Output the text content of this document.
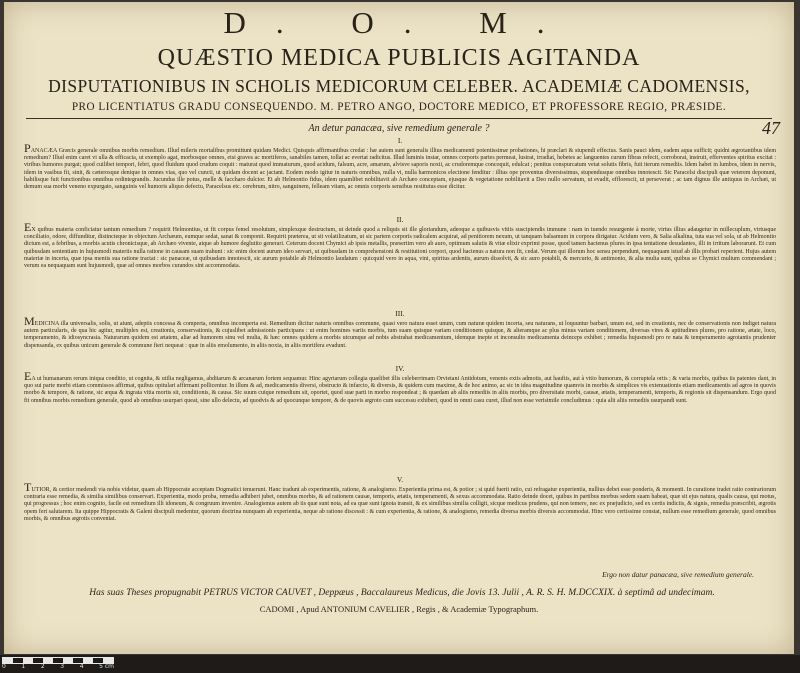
D. O. M.
QUÆSTIO MEDICA PUBLICIS AGITANDA
DISPUTATIONIBUS IN SCHOLIS MEDICORUM CELEBER. ACADEMIÆ CADOMENSIS,
PRO LICENTIATUS GRADU CONSEQUENDO. M. PETRO ANGO, DOCTORE MEDICO, ET PROFESSORE REGIO, PRÆSIDE.
An detur panacæa, sive remedium generale ?	47

I.

PANACÆA Græcis generale omnibus morbis remedium. Illud mileris mortalibus promittunt quidam Medici. Quisquis affirmantibus credat : hæ autem sunt generalis illius medicamenti potentissimæ probationes, hi præclari & stupendi effectus. Sanis pauci idem, eadem aqua sufficit; quidni ægrotantibus idem remedium? Illud enim caret vi ulla & efficacia, ut exemplo agat, morbosque omnes, etsi graves ac mortiferos, sanabiles tamen, tollat ac evertat radicitus. Illud luminis instar, omnes corporis partes permeat, lustrat, irradiat, hebetes ac languentes curum fibras refecit, corroborat, instruit, efferventes spiritus excitat : viribus humores purgat; quod cuilibet tempori, febri, quod fluidum quod crudum coquit : maturat quod immaturum, quod acidum, falsum, acre, amarum, alvisve saporis noxii, ac crudoremque concoquit, edulcat ; penitus conspurcatum vetat solutis fibris, fuit iterum remediis. Idem habet in lumbos, idem in nervis, idem in vasibus fit, sinit, & cæterosque denique in omnes vias, quo vel cuncti, ut quidam docent ac jactant. Eodem modo igitur in naturis omnibus, nulla vi, nulla harmonicos electione fenditur : illius ope proventus diversissimus, stupendusque omnibus innotescit. Sic Paracelsi discipuli quæ veterem deponunt, habilisque fuit functionibus omnibus redintegrandis. Jucundus ille potus, melle & faccharo dulcior. Et ab Helmontio fidus, idem quamlibet nobilitavit ab Archæo conceptam, ejusque & vegetatione nobilitavit a Deo nullo servatum, ut evadit, efflorescit, ut perseverat ; ac tam dignus ille antiquus in Archæi, ut demum sua morbi veneno expurgato, sanguinis vel humoris aliquo defectu, Paracelsus etc. cerebrum, nitro, sanguinem, felleam vitam, ac omnis corporis sensibus restitutus esse dicitur.

II.

EX quibus materia conficiatur tantum remedium ? requirit Helmontius, ut fit corpus femel resolutum, simplexque destructum, ut deinde quod a reliquis sit ille gloriandum, adeoque a quibusvis vitiis suscipiendis immune : nam in tuendo resurgente à morte, virtus illius adaugetur in millecuplum, virtusque conciliatio, odore, diffunditur, distincteque in objectum Archæum, eumque sedat, sanat & componit. Requirit præterea, ut sit volatilizatum, ut sic partem corporis radicalem acquirat, ad penitiorem nexum, ut tanquam balsamum in corpora dirigatur. Acidum vero, & Salia alkalina, tuta sua vel sola, ut ab Helmontio dictum est, a febribus, a morbis acutis chronicisque, ab Archæo vivente, atque ab humore deglutito generari. Ceterum docent Chymici ab ipsis metallis, præsertim vero ab auro, optimum salutis & vitæ elixir exprimi posse, quod tamen hactenus plures in ipsa tentatione desudantes, illi in irritum laborarunt. Et cum quibusdam sententiam in hujusmodi materiis nulla ratione in causam suam trahunt : sic enim docent aurum ideo servari, ut quibusdam in comprehensioni & restitutioni corpori, quod hactenus a natura non fit, cedat. Verum qui illorum hoc sensu perpendunt, nequaquam istud ab illis probari reperient. Hujus autem materiæ in incerta, quæ ipsa mentis sua ratione tractat : sic panaceæ, ut quibusdam innotescit, sic aurum potabile ab Helmontio laudatum : quicquid vero in aqua, vini, spiritus ardentis, aurum dissolvit, & sic auro potabili, & mercurio, & antimonio, & alia multa sunt, quibus se Chymici multum commendant ; verum ea nequaquam sunt hujusmodi, quæ ad omnes morbos curandos sint accommodata.

III.

MEDICINA illa universalis, solis, ut aiunt, adeptis concessa & comperta, omnibus incompertа est. Remedium dicitur naturis omnibus commune, quasi vero natura esset unum, cum naturæ quidem incerta, seu naturans, ut loquuntur barbari, unum est, sed in creationis, nec de conservationis non indiget natura autem particularis, de qua hic agitur, multiplex est, creationis, conservationis, & cujuslibet admissionis participans : ut enim homines variis morbis, tum suam quisque variam conditionem quisque, & alteramque ac plus minus variam conditionem, diversas vires & aptitudines plures, pro ratione, ætate, loco, temperamento, & idiosyncrasia. Naturarum quidem est ætatem, aliæ ad humorem sinu vel multa, & hæc omnes quidem a morbis utcumque ad nobis abstrahat medicamentum, idemque inepte et inconsulto medicamenta deinceps exhibet ; remedia hujusmodi pro re nata & temperamento agrotantis prudenter dispensanda, ex quibus unicum generale & commune fieri nequeat : quæ in aliis emolumento, in aliis noxia, in aliis mortifera evadunt.

IV.

EA ut humanarum rerum iniqua conditio, ut cognita, & utilia negligamus, abditarum & arcanarum fortem sequamur. Hinc agyrtarum collegia quælibet illis celeberrimam Orvietani Antidotum, venenis extis admotis, aut hauftis, aut à vitio humorum, & corruptela ortis ; & varia morbis, quibus iis patentes dant, in quo sui parte morbi etiam commissos affirmat, quibus opitulari affirmant pollicentur. In illum & ad, medicamentis diversi, obstructo & infarcto, & diversis, & quidem cum maxime, & de hoc animo, ac sic in idea magnitudine quamvis in morbis & simplices vis extenuationis etiam medicamentis ad agros in quovis morbo & tempore, & ratione, sic æqua & ingrata vitia mortis sit, conditionis, & causa. Sic suum cuique remedium sit, oportet, quod suæ parti in morbo respondeat ; & quædam ab aliis remediis in aliis morbis, pro diversitate morbi, causæ, ætatis, temperamenti, temporis, & regionis sit dispensandum. Ergo quod fit omnibus morbis remedium generale, quod ab omnibus usurpari queat, sine ullo delectu, ad quodvis & ad quocunque tempore, & de quovis ægroto cum successu exhiberi, quod in omni casu curet, illud non esse verisimile concludimus : quia alii aliis remediis usurpandi sunt.

V.

TUTIOR, & certior medendi via nobis videtur, quam ab Hippocrate acceptam Dogmatici tenuerunt. Hanc tradunt ab experimentis, ratione, & analogismo. Experientia prima est, & potior ; si quid fuerit ratio, cui refragatur experientia, nullius debet esse ponderis, & momenti. In curatione tradet ratio contrariorum contraria esse remedia, & similia similibus conservari. Experientia, modo proba, remedia adhiberi jubet, omnibus morbis, & ad rationem causæ, temporis, ætatis, temperamenti, & sexus accommodata. Ratio deinde docet, quibus in partibus morbus sedem suam habeat, quæ sit ejus natura, qualis causa, qui motus, qui progressus ; hoc enim cognito, facile est remedium illi idoneum, & congruum invenire. Analogismus autem ab iis quæ sunt nota, ad ea quæ sunt ignota transit, & ex similibus similia colligit, sicque medicus prudens, qui non temere, nec ex præjudicio, sed ex certis indiciis, & signis, remedia præscribit, ægrotis opem fert salutarem. Ita quippe Hippocratis & Galeni discipuli medentur, quorum doctrina nunquam ab experientia, neque ab ratione discessit : & cum experientia, & ratione, & analogismo, remedia diversa morbis diversis accommodat. Hinc vero certissime constat, nullum esse remedium generale, quod omnibus morbis, & omnibus ægrotis conveniat.

Ergo non datur panacæa, sive remedium generale.
Has suas Theses propugnabit PETRUS VICTOR CAUVET , Deppæus , Baccalaureus Medicus, die Jovis 13. Julii , A. R. S. H. M.DCCXIX. à septimâ ad undecimam.
CADOMI , Apud ANTONIUM CAVELIER , Regis , & Academiæ Typographum.
0	1	2	3	4	5 cm
